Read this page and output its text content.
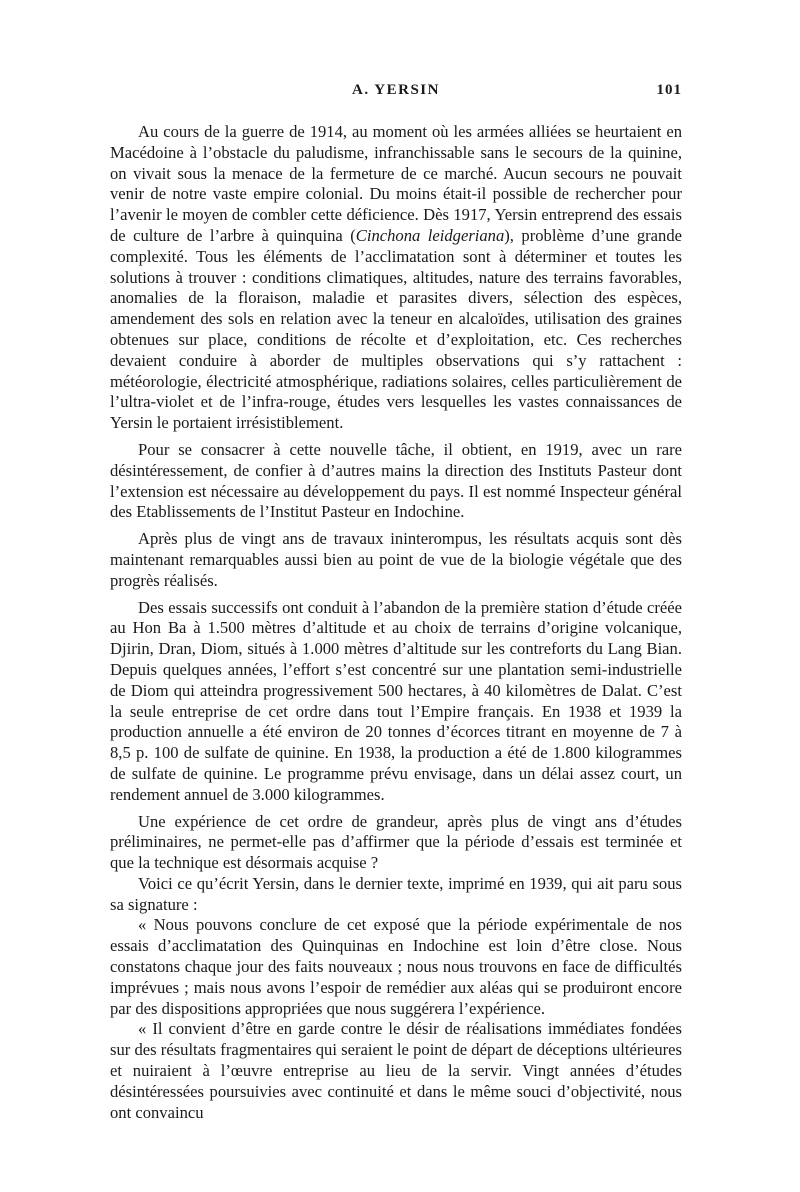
A. YERSIN	101

Au cours de la guerre de 1914, au moment où les armées alliées se heurtaient en Macédoine à l’obstacle du paludisme, infranchissable sans le secours de la quinine, on vivait sous la menace de la fermeture de ce marché. Aucun secours ne pouvait venir de notre vaste empire colonial. Du moins était-il possible de rechercher pour l’avenir le moyen de combler cette déficience. Dès 1917, Yersin entreprend des essais de culture de l’arbre à quinquina (Cinchona leidgeriana), problème d’une grande complexité. Tous les éléments de l’acclimatation sont à déterminer et toutes les solutions à trouver : conditions climatiques, altitudes, nature des terrains favorables, anomalies de la floraison, maladie et parasites divers, sélection des espèces, amendement des sols en relation avec la teneur en alcaloïdes, utilisation des graines obtenues sur place, conditions de récolte et d’exploitation, etc. Ces recherches devaient conduire à aborder de multiples observations qui s’y rattachent : météorologie, électricité atmosphérique, radiations solaires, celles particulièrement de l’ultra-violet et de l’infra-rouge, études vers lesquelles les vastes connaissances de Yersin le portaient irrésistiblement.

Pour se consacrer à cette nouvelle tâche, il obtient, en 1919, avec un rare désintéressement, de confier à d’autres mains la direction des Instituts Pasteur dont l’extension est nécessaire au développement du pays. Il est nommé Inspecteur général des Etablissements de l’Institut Pasteur en Indochine.

Après plus de vingt ans de travaux ininterompus, les résultats acquis sont dès maintenant remarquables aussi bien au point de vue de la biologie végétale que des progrès réalisés.

Des essais successifs ont conduit à l’abandon de la première station d’étude créée au Hon Ba à 1.500 mètres d’altitude et au choix de terrains d’origine volcanique, Djirin, Dran, Diom, situés à 1.000 mètres d’altitude sur les contreforts du Lang Bian. Depuis quelques années, l’effort s’est concentré sur une plantation semi-industrielle de Diom qui atteindra progressivement 500 hectares, à 40 kilomètres de Dalat. C’est la seule entreprise de cet ordre dans tout l’Empire français. En 1938 et 1939 la production annuelle a été environ de 20 tonnes d’écorces titrant en moyenne de 7 à 8,5 p. 100 de sulfate de quinine. En 1938, la production a été de 1.800 kilogrammes de sulfate de quinine. Le programme prévu envisage, dans un délai assez court, un rendement annuel de 3.000 kilogrammes.

Une expérience de cet ordre de grandeur, après plus de vingt ans d’études préliminaires, ne permet-elle pas d’affirmer que la période d’essais est terminée et que la technique est désormais acquise ?

Voici ce qu’écrit Yersin, dans le dernier texte, imprimé en 1939, qui ait paru sous sa signature :

« Nous pouvons conclure de cet exposé que la période expérimentale de nos essais d’acclimatation des Quinquinas en Indochine est loin d’être close. Nous constatons chaque jour des faits nouveaux ; nous nous trouvons en face de difficultés imprévues ; mais nous avons l’espoir de remédier aux aléas qui se produiront encore par des dispositions appropriées que nous suggérera l’expérience.

« Il convient d’être en garde contre le désir de réalisations immédiates fondées sur des résultats fragmentaires qui seraient le point de départ de déceptions ultérieures et nuiraient à l’œuvre entreprise au lieu de la servir. Vingt années d’études désintéressées poursuivies avec continuité et dans le même souci d’objectivité, nous ont convaincu
